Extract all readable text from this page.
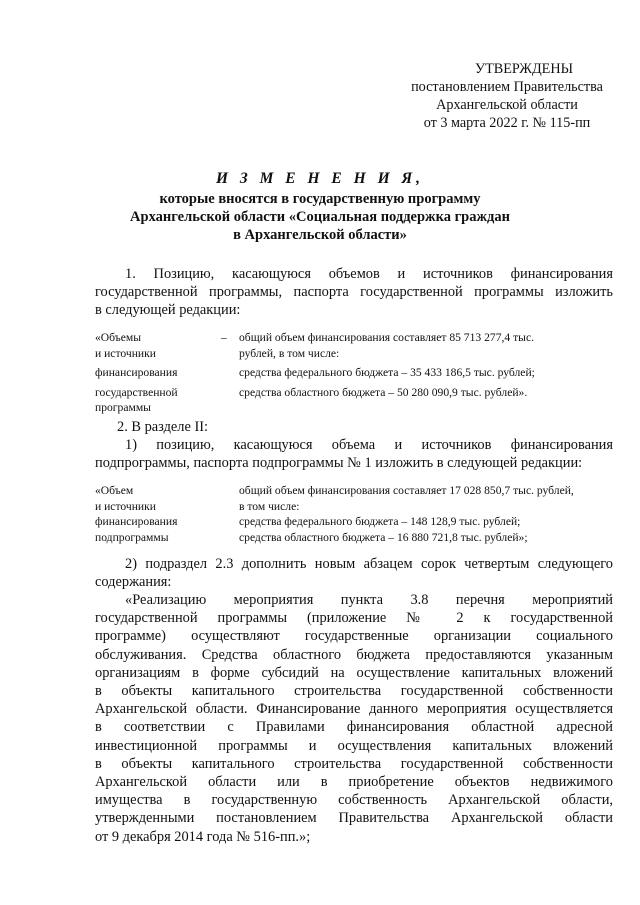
УТВЕРЖДЕНЫ
постановлением Правительства
Архангельской области
от 3 марта 2022 г. № 115-пп
И З М Е Н Е Н И Я,
которые вносятся в государственную программу
Архангельской области «Социальная поддержка граждан
в Архангельской области»
1. Позицию, касающуюся объемов и источников финансирования
государственной программы, паспорта государственной программы изложить
в следующей редакции:
«Объемы	–	общий объем финансирования составляет 85 713 277,4 тыс.
и источники	рублей, в том числе:
финансирования	средства федерального бюджета – 35 433 186,5 тыс. рублей;
государственной	средства областного бюджета – 50 280 090,9 тыс. рублей».
программы
2. В разделе II:
1) позицию, касающуюся объема и источников финансирования
подпрограммы, паспорта подпрограммы № 1 изложить в следующей редакции:
«Объем	общий объем финансирования составляет 17 028 850,7 тыс. рублей,
и источники	в том числе:
финансирования	средства федерального бюджета – 148 128,9 тыс. рублей;
подпрограммы	средства областного бюджета – 16 880 721,8 тыс. рублей»;
2) подраздел 2.3 дополнить новым абзацем сорок четвертым следующего
содержания:
«Реализацию мероприятия пункта 3.8 перечня мероприятий
государственной программы (приложение № 2 к государственной
программе) осуществляют государственные организации социального
обслуживания. Средства областного бюджета предоставляются указанным
организациям в форме субсидий на осуществление капитальных вложений
в объекты капитального строительства государственной собственности
Архангельской области. Финансирование данного мероприятия осуществляется
в соответствии с Правилами финансирования областной адресной
инвестиционной программы и осуществления капитальных вложений
в объекты капитального строительства государственной собственности
Архангельской области или в приобретение объектов недвижимого
имущества в государственную собственность Архангельской области,
утвержденными постановлением Правительства Архангельской области
от 9 декабря 2014 года № 516-пп.»;
